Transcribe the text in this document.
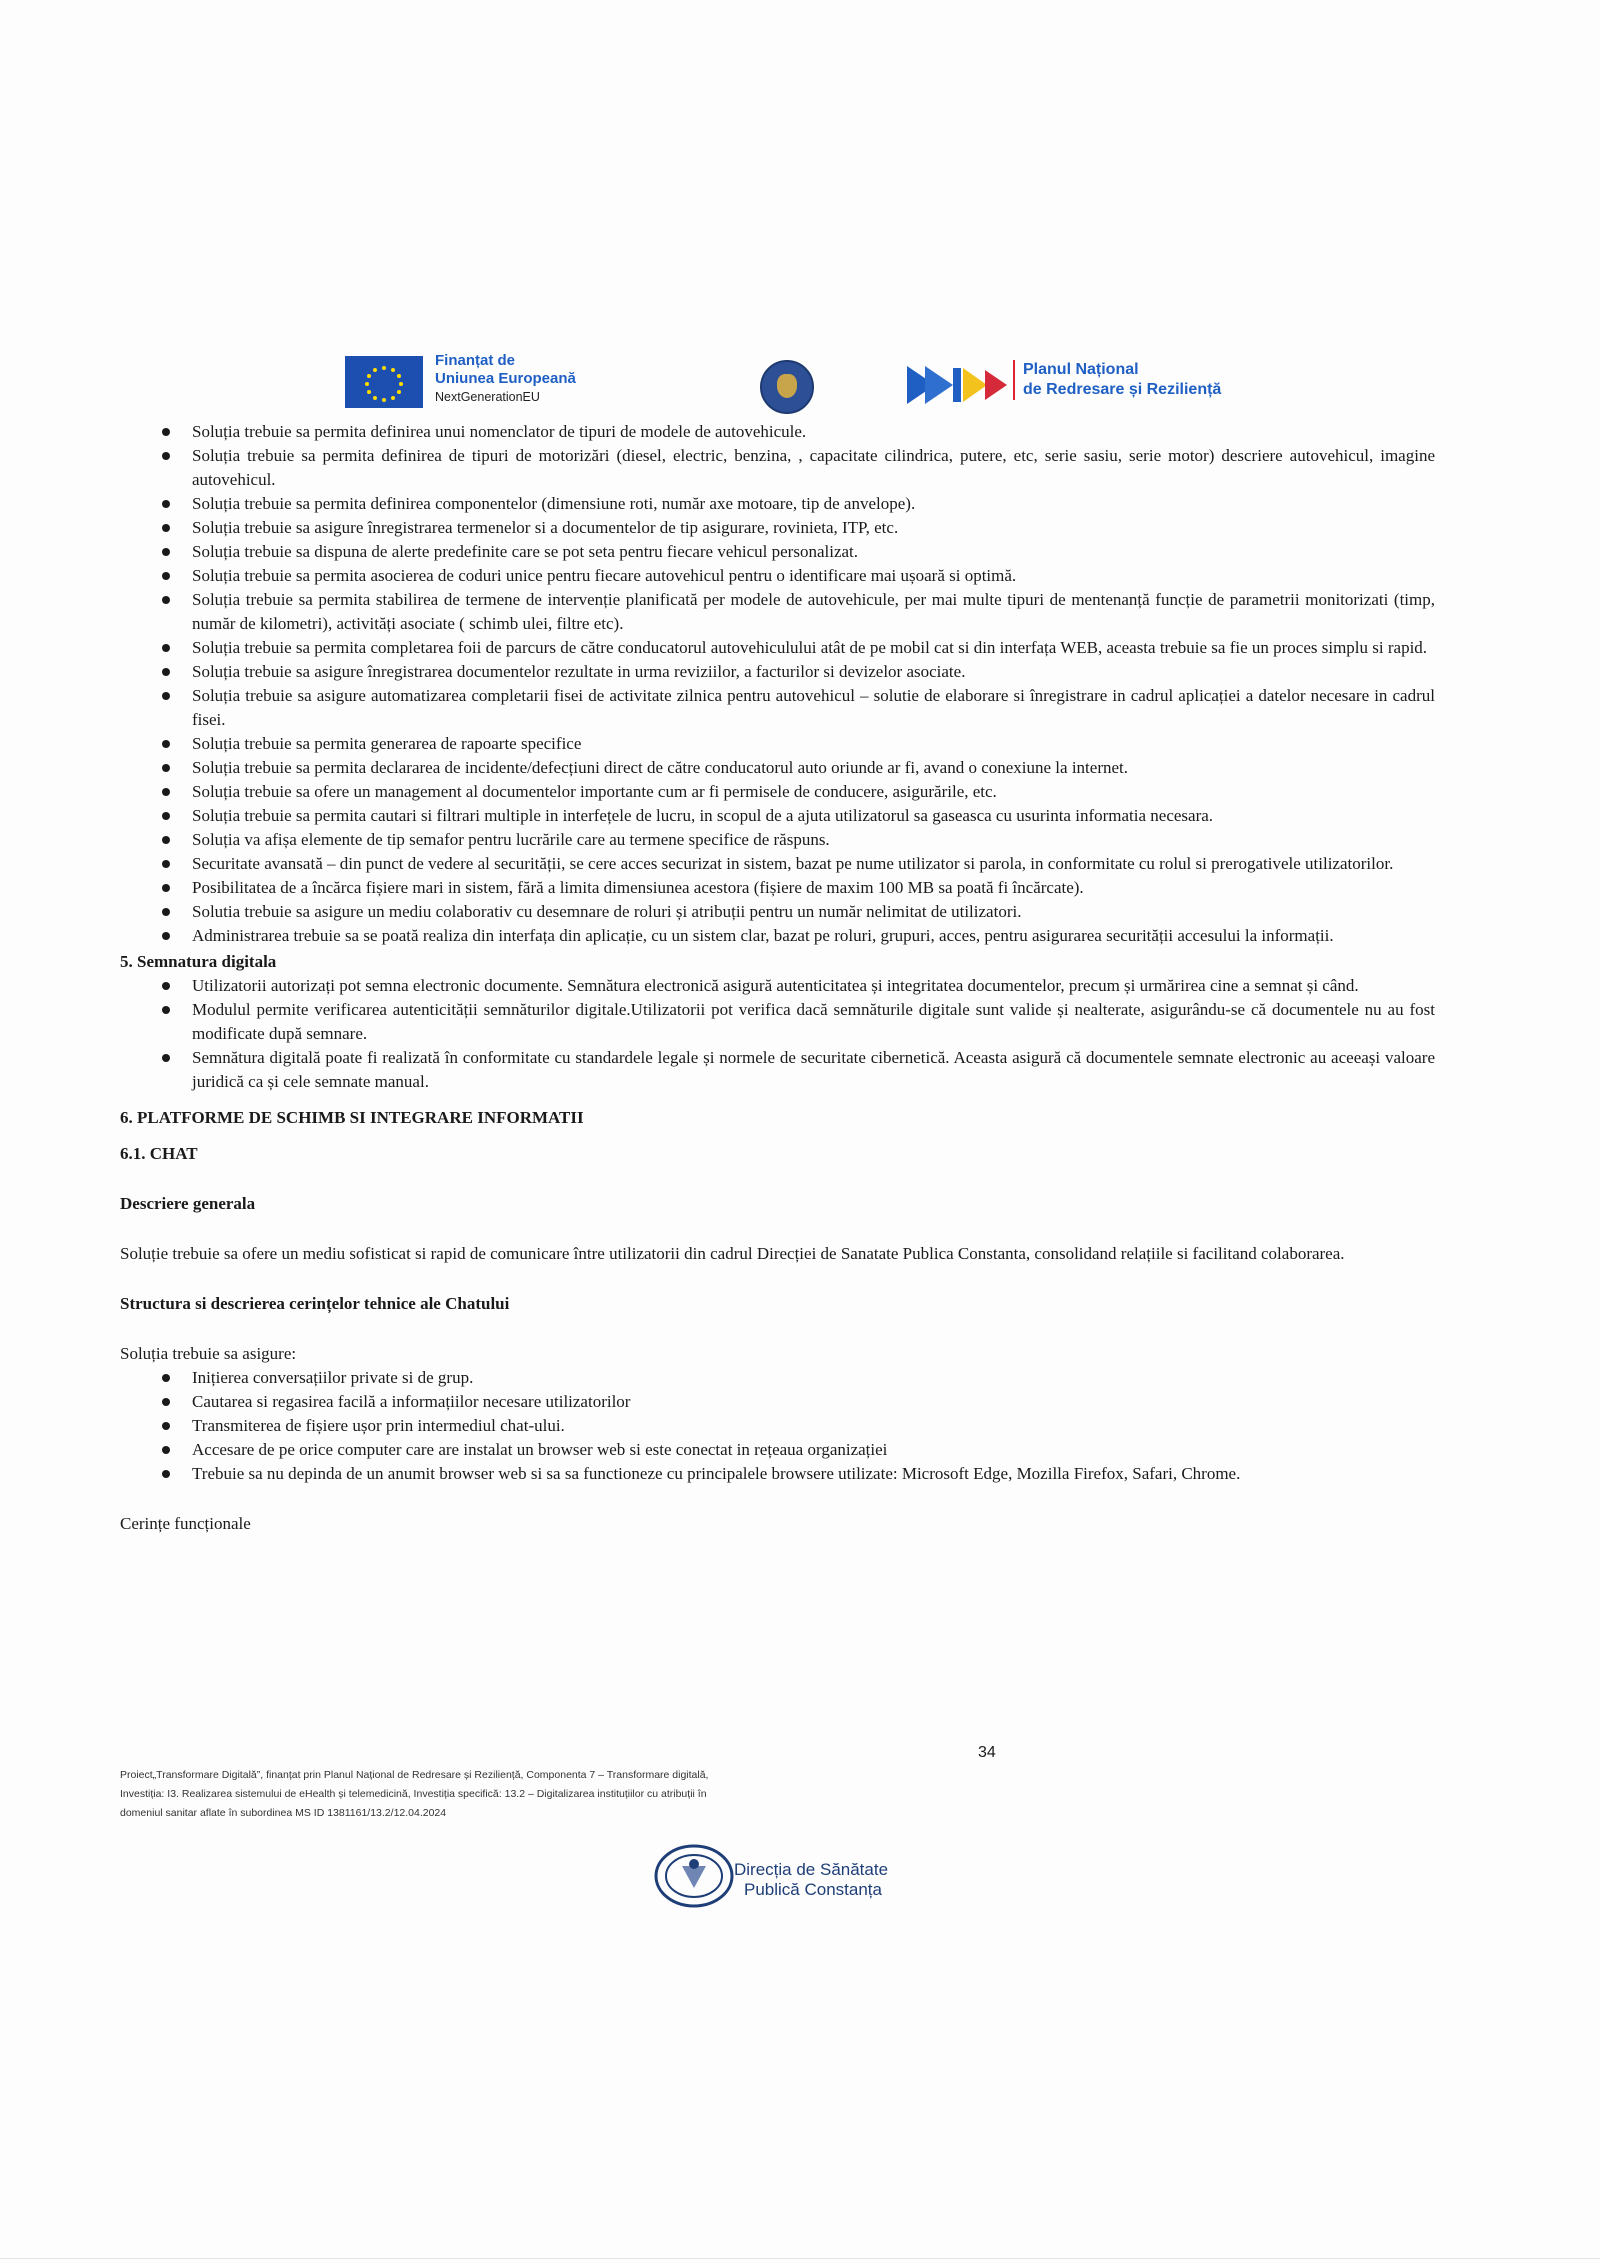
Finanțat de
Uniunea Europeană
NextGenerationEU
Planul Național
de Redresare și Reziliență
Soluția trebuie sa permita definirea unui nomenclator de tipuri de modele de autovehicule.
Soluția trebuie sa permita definirea de tipuri de motorizări (diesel, electric, benzina, , capacitate cilindrica, putere, etc, serie sasiu, serie motor) descriere autovehicul, imagine autovehicul.
Soluția trebuie sa permita definirea componentelor (dimensiune roti, număr axe motoare, tip de anvelope).
Soluția trebuie sa asigure înregistrarea termenelor si a documentelor de tip asigurare, rovinieta, ITP, etc.
Soluția trebuie sa dispuna de alerte predefinite care se pot seta pentru fiecare vehicul personalizat.
Soluția trebuie sa permita asocierea de coduri unice pentru fiecare autovehicul pentru o identificare mai ușoară si optimă.
Soluția trebuie sa permita stabilirea de termene de intervenție planificată per modele de autovehicule, per mai multe tipuri de mentenanță funcție de parametrii monitorizati (timp, număr de kilometri), activități asociate ( schimb ulei, filtre etc).
Soluția trebuie sa permita completarea foii de parcurs de către conducatorul autovehiculului atât de pe mobil cat si din interfața WEB, aceasta trebuie sa fie un proces simplu si rapid.
Soluția trebuie sa asigure înregistrarea documentelor rezultate in urma reviziilor, a facturilor si devizelor asociate.
Soluția trebuie sa asigure automatizarea completarii fisei de activitate zilnica pentru autovehicul – solutie de elaborare si înregistrare in cadrul aplicației a datelor necesare in cadrul fisei.
Soluția trebuie sa permita generarea de rapoarte specifice
Soluția trebuie sa permita declararea de incidente/defecțiuni direct de către conducatorul auto oriunde ar fi, avand o conexiune la internet.
Soluția trebuie sa ofere un management al documentelor importante cum ar fi permisele de conducere, asigurările, etc.
Soluția trebuie sa permita cautari si filtrari multiple in interfețele de lucru, in scopul de a ajuta utilizatorul sa gaseasca cu usurinta informatia necesara.
Soluția va afișa elemente de tip semafor pentru lucrările care au termene specifice de răspuns.
Securitate avansată – din punct de vedere al securității, se cere acces securizat in sistem, bazat pe nume utilizator si parola, in conformitate cu rolul si prerogativele utilizatorilor.
Posibilitatea de a încărca fișiere mari in sistem, fără a limita dimensiunea acestora (fișiere de maxim 100 MB sa poată fi încărcate).
Solutia trebuie sa asigure un mediu colaborativ cu desemnare de roluri și atribuții pentru un număr nelimitat de utilizatori.
Administrarea trebuie sa se poată realiza din interfața din aplicație, cu un sistem clar, bazat pe roluri, grupuri, acces, pentru asigurarea securității accesului la informații.
5. Semnatura digitala
Utilizatorii autorizați pot semna electronic documente. Semnătura electronică asigură autenticitatea și integritatea documentelor, precum și urmărirea cine a semnat și când.
Modulul permite verificarea autenticității semnăturilor digitale.Utilizatorii pot verifica dacă semnăturile digitale sunt valide și nealterate, asigurându-se că documentele nu au fost modificate după semnare.
Semnătura digitală poate fi realizată în conformitate cu standardele legale și normele de securitate cibernetică. Aceasta asigură că documentele semnate electronic au aceeași valoare juridică ca și cele semnate manual.
6. PLATFORME DE SCHIMB SI INTEGRARE INFORMATII
6.1. CHAT
Descriere generala
Soluție trebuie sa ofere un mediu sofisticat si rapid de comunicare între utilizatorii din cadrul Direcției de Sanatate Publica Constanta, consolidand relațiile si facilitand colaborarea.
Structura si descrierea cerințelor tehnice ale Chatului
Soluția trebuie sa asigure:
Inițierea conversațiilor private si de grup.
Cautarea si regasirea facilă a informațiilor necesare utilizatorilor
Transmiterea de fișiere ușor prin intermediul chat-ului.
Accesare de pe orice computer care are instalat un browser web si este conectat in rețeaua organizației
Trebuie sa nu depinda de un anumit browser web si sa sa functioneze cu principalele browsere utilizate: Microsoft Edge, Mozilla Firefox, Safari, Chrome.
Cerințe funcționale
34
Proiect„Transformare Digitală”, finanțat prin Planul Național de Redresare și Reziliență, Componenta 7 – Transformare digitală,
Investiția: I3. Realizarea sistemului de eHealth și telemedicină, Investiția specifică: 13.2 – Digitalizarea instituțiilor cu atribuții în
domeniul sanitar aflate în subordinea MS ID 1381161/13.2/12.04.2024
Direcția de Sănătate
Publică Constanța
